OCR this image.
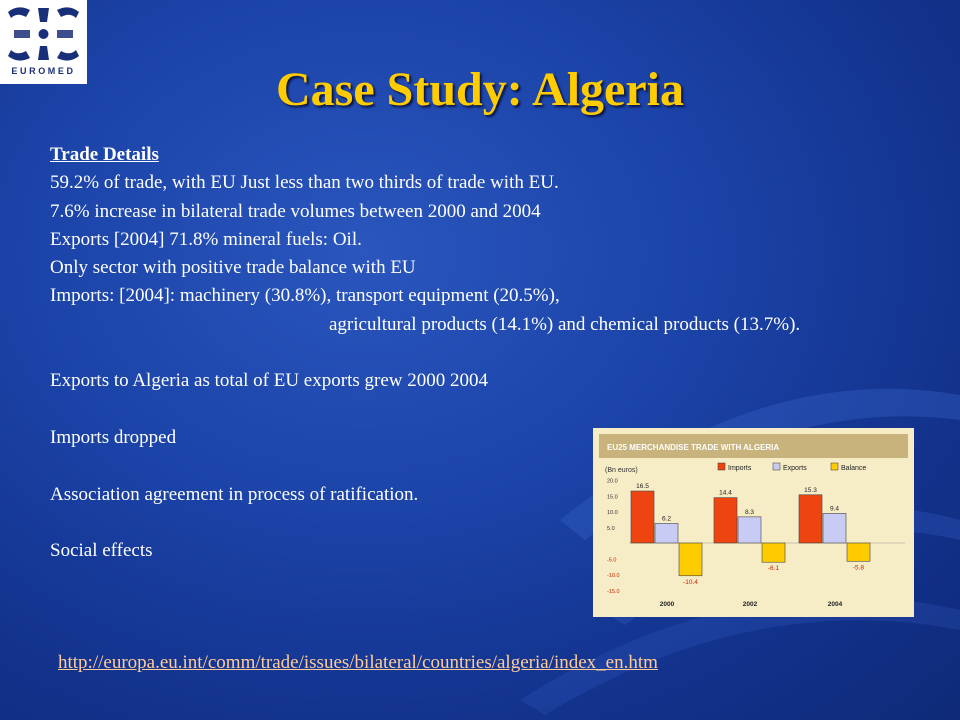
EUROMED	Case Study: Algeria
Trade Details
59.2% of trade, with EU Just less than two thirds of trade with EU.
7.6% increase in bilateral trade volumes between 2000 and 2004
Exports [2004] 71.8% mineral fuels: Oil.
Only sector with positive trade balance with EU
Imports: [2004]: machinery (30.8%), transport equipment (20.5%),
agricultural products (14.1%) and chemical products (13.7%).
Exports to Algeria as total of EU exports grew 2000 2004
Imports dropped
Association agreement in process of ratification.
Social effects
EU25 MERCHANDISE TRADE WITH ALGERIA
(Bn euros)	Imports	Exports	Balance
20.0
15.0
10.0
5.0
-5.0
-10.0
-15.0
16.5
6.2
-10.4
2000
14.4
8.3
-6.1
2002
15.3
9.4
-5.8
2004
http://europa.eu.int/comm/trade/issues/bilateral/countries/algeria/index_en.htm
